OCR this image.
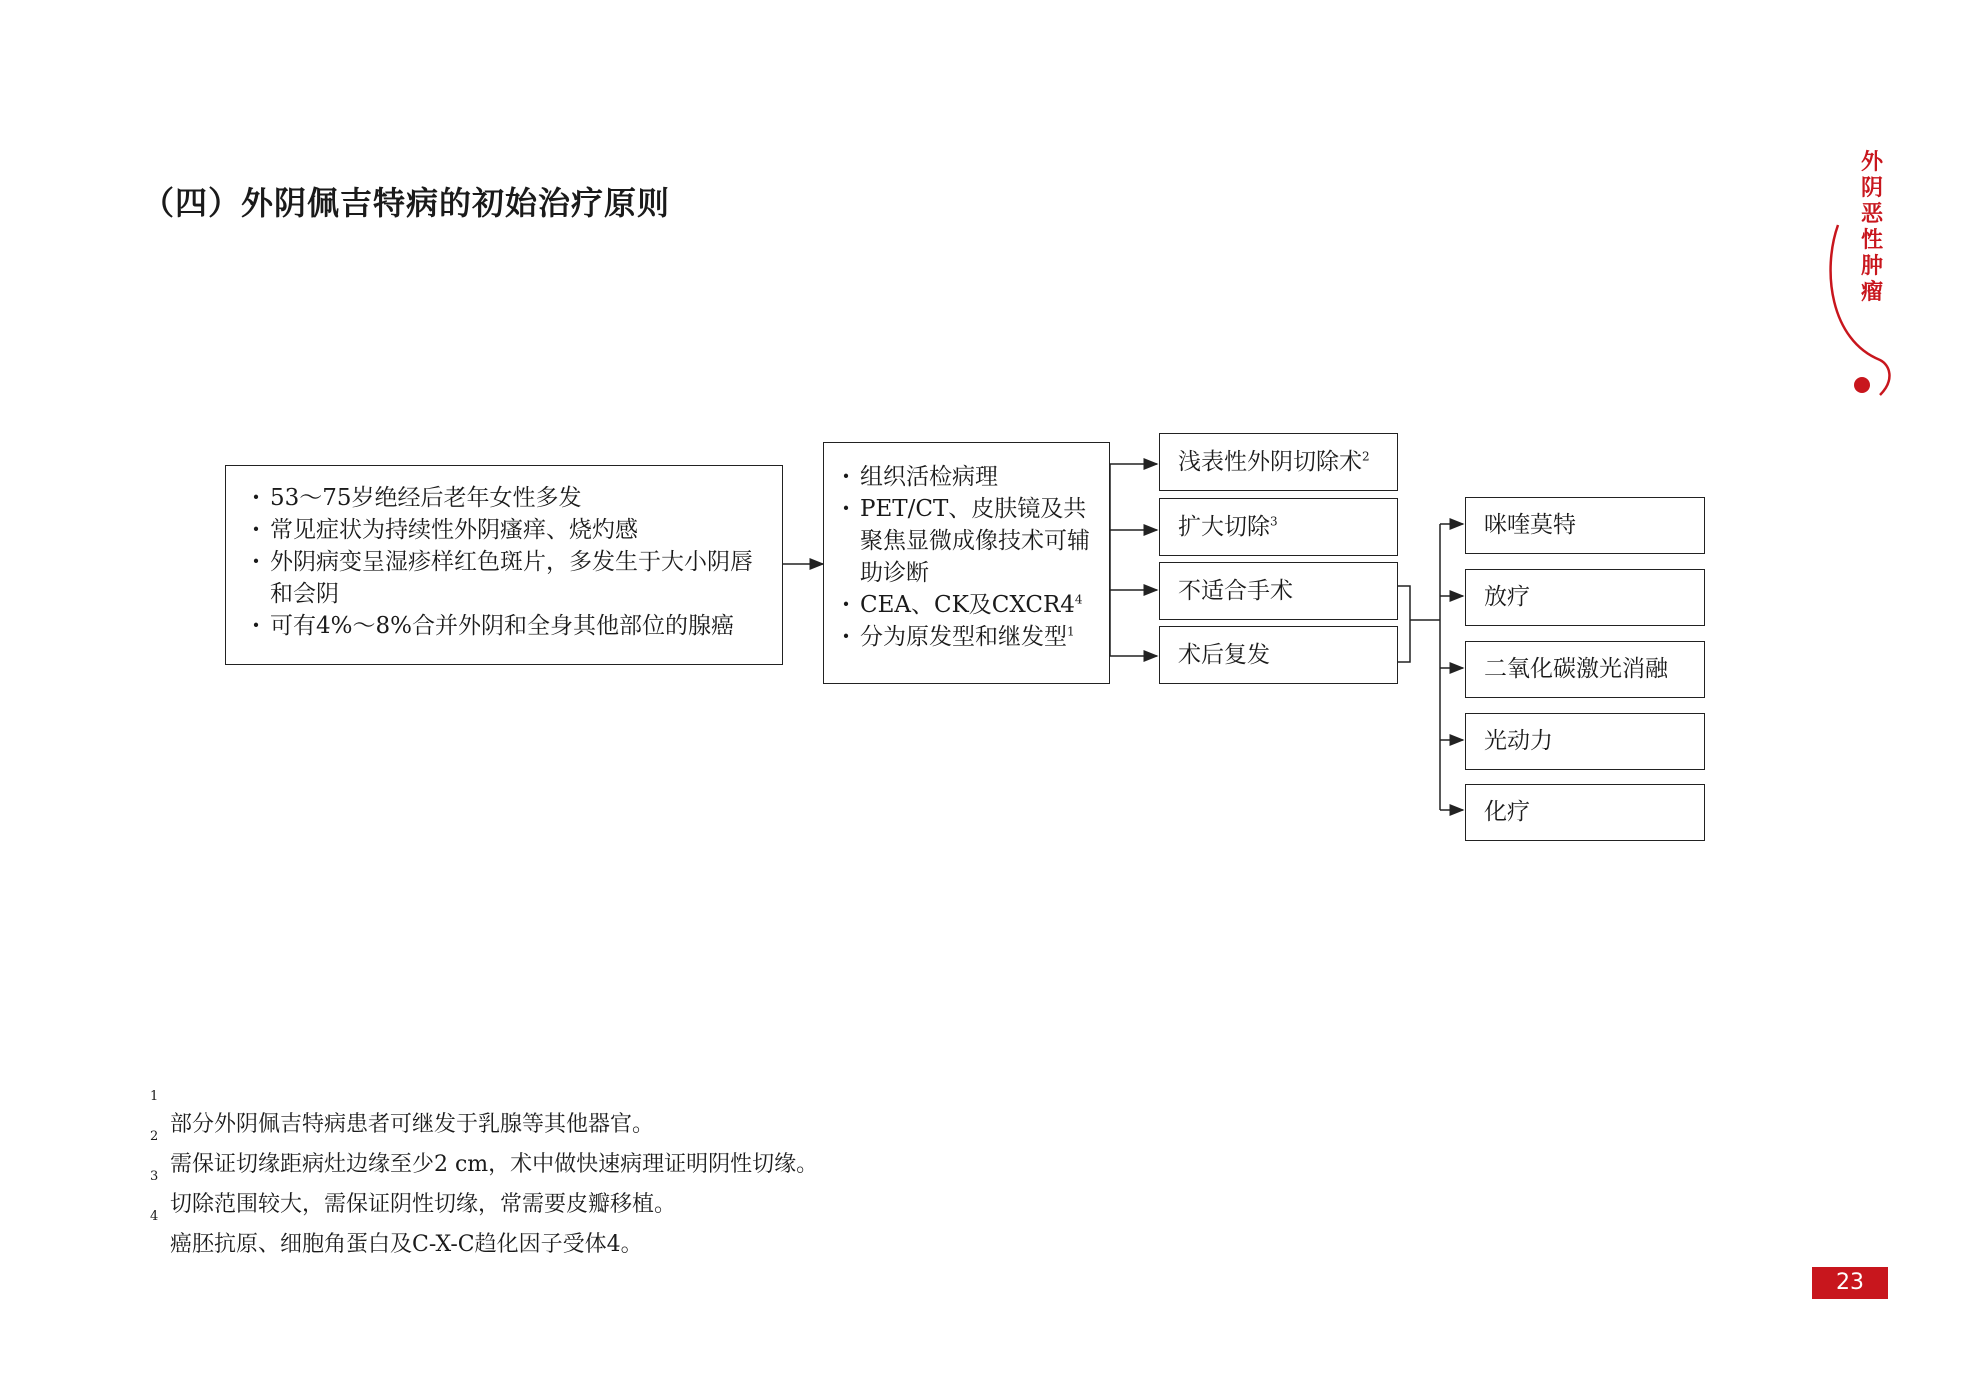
（四）外阴佩吉特病的初始治疗原则
外
阴
恶
性
肿
瘤
· 53～75岁绝经后老年女性多发
· 常见症状为持续性外阴瘙痒、烧灼感
· 外阴病变呈湿疹样红色斑片，多发生于大小阴唇和会阴
· 可有4%～8%合并外阴和全身其他部位的腺癌
· 组织活检病理
· PET/CT、皮肤镜及共聚焦显微成像技术可辅助诊断
· CEA、CK及$CXCR4^4$
· 分为原发型和继发型$^1$
浅表性外阴切除术$^2$
扩大切除$^3$
不适合手术
术后复发
咪喹莫特
放疗
二氧化碳激光消融
光动力
化疗
$^1$
部分外阴佩吉特病患者可继发于乳腺等其他器官。
$^2$
需保证切缘距病灶边缘至少2 cm，术中做快速病理证明阴性切缘。
$^3$
切除范围较大，需保证阴性切缘，常需要皮瓣移植。
$^4$
癌胚抗原、细胞角蛋白及C-X-C趋化因子受体4。
23
